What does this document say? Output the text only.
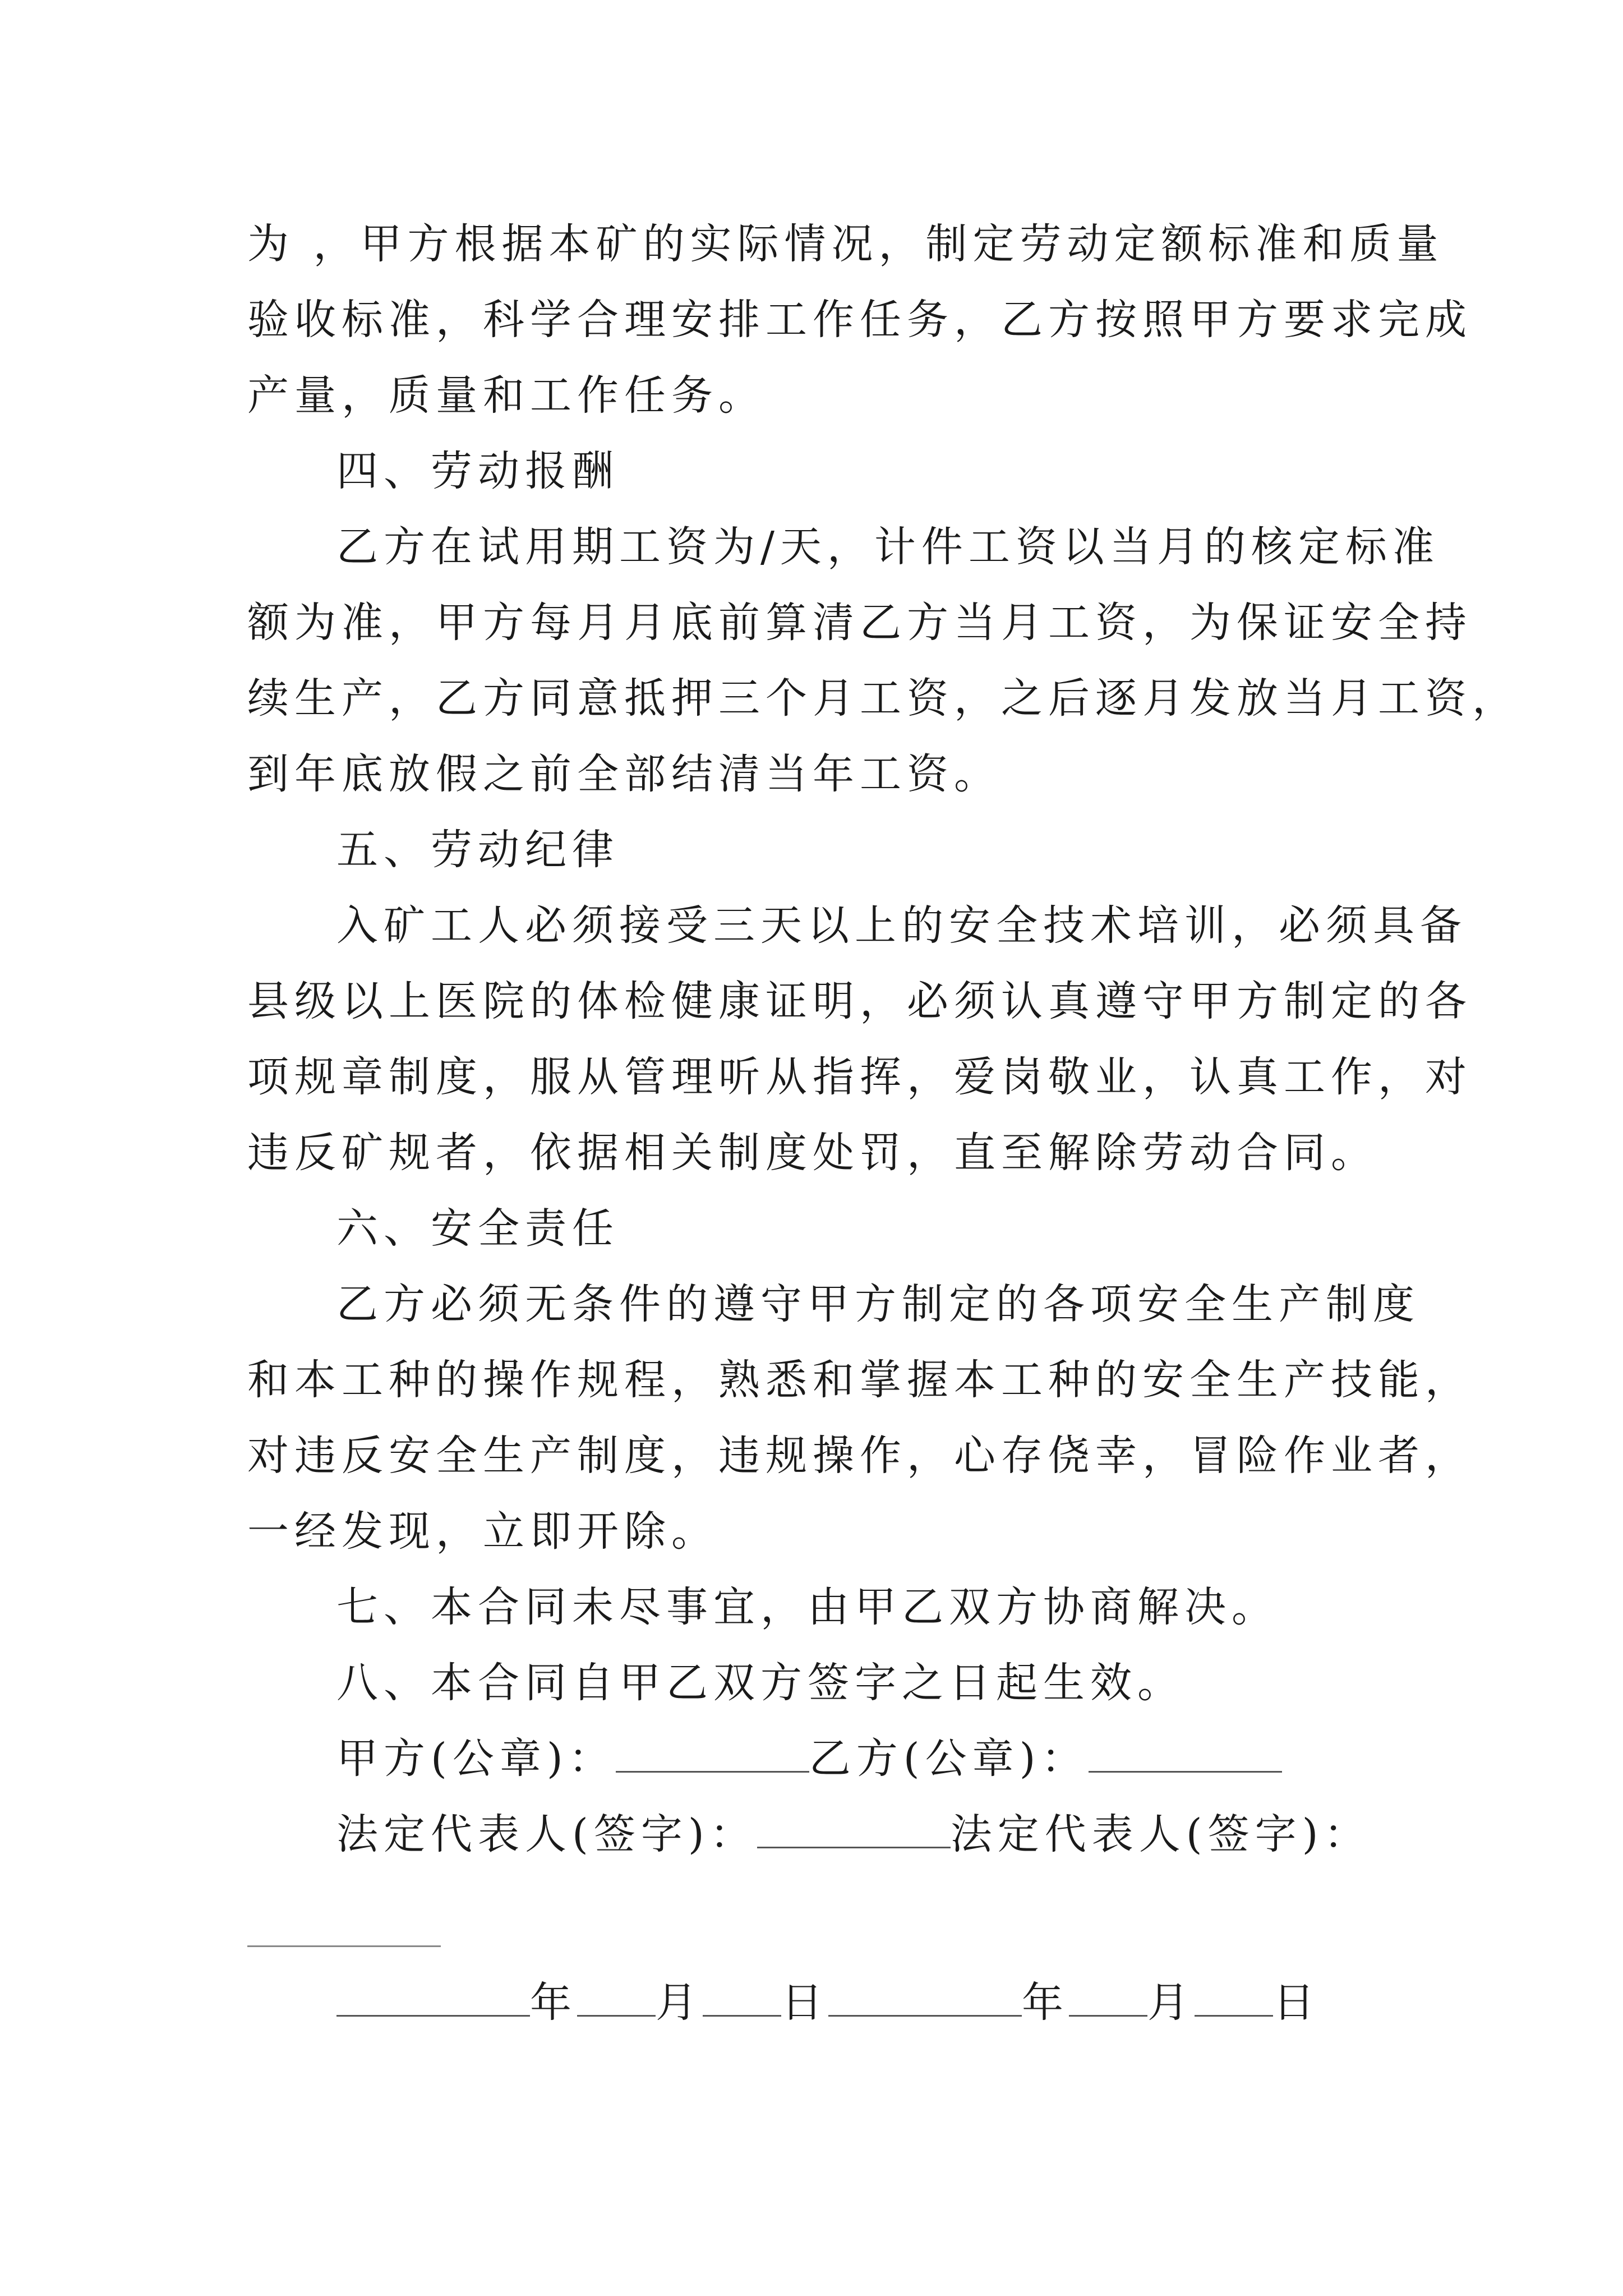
为 ，甲方根据本矿的实际情况，制定劳动定额标准和质量
验收标准，科学合理安排工作任务，乙方按照甲方要求完成
产量，质量和工作任务。
四、劳动报酬
乙方在试用期工资为/天，计件工资以当月的核定标准
额为准，甲方每月月底前算清乙方当月工资，为保证安全持
续生产，乙方同意抵押三个月工资，之后逐月发放当月工资，
到年底放假之前全部结清当年工资。
五、劳动纪律
入矿工人必须接受三天以上的安全技术培训，必须具备
县级以上医院的体检健康证明，必须认真遵守甲方制定的各
项规章制度，服从管理听从指挥，爱岗敬业，认真工作，对
违反矿规者，依据相关制度处罚，直至解除劳动合同。
六、安全责任
乙方必须无条件的遵守甲方制定的各项安全生产制度
和本工种的操作规程，熟悉和掌握本工种的安全生产技能，
对违反安全生产制度，违规操作，心存侥幸，冒险作业者，
一经发现，立即开除。
七、本合同未尽事宜，由甲乙双方协商解决。
八、本合同自甲乙双方签字之日起生效。
甲方(公章)：	乙方(公章)：
法定代表人(签字)：	法定代表人(签字)：
年 月 日	年 月 日
